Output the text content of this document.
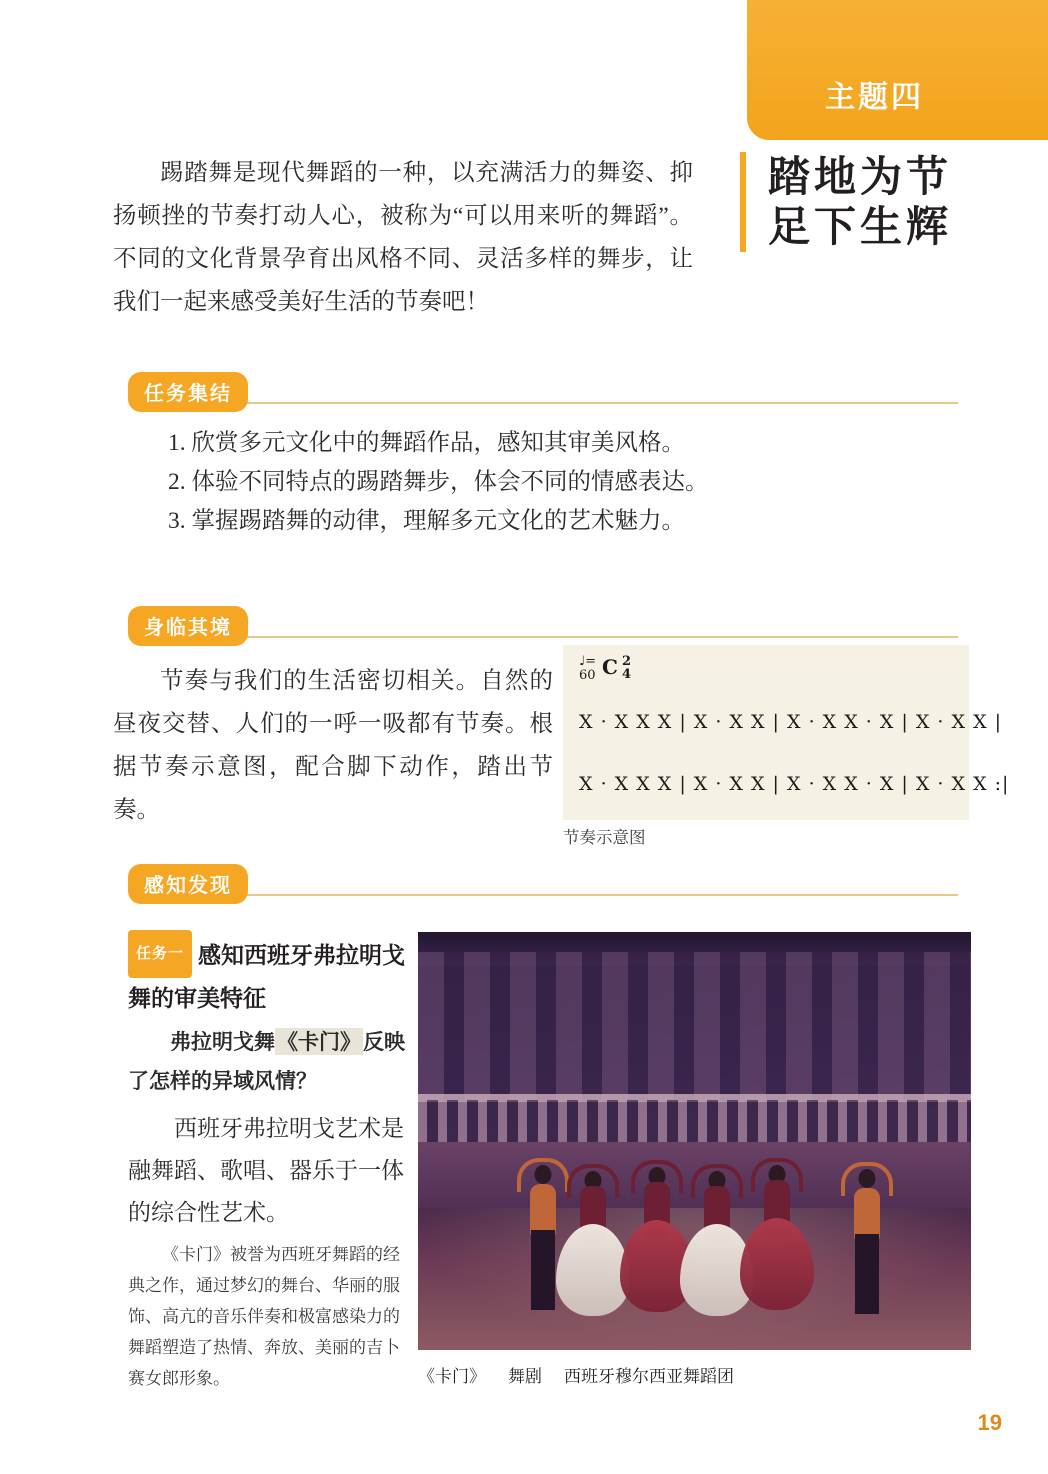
主题四
踏地为节
足下生辉
踢踏舞是现代舞蹈的一种，以充满活力的舞姿、抑扬顿挫的节奏打动人心，被称为“可以用来听的舞蹈”。不同的文化背景孕育出风格不同、灵活多样的舞步，让我们一起来感受美好生活的节奏吧！
任务集结
1. 欣赏多元文化中的舞蹈作品，感知其审美风格。
2. 体验不同特点的踢踏舞步，体会不同的情感表达。
3. 掌握踢踏舞的动律，理解多元文化的艺术魅力。
身临其境
节奏与我们的生活密切相关。自然的昼夜交替、人们的一呼一吸都有节奏。根据节奏示意图，配合脚下动作，踏出节奏。
♩=
60 C 2
4
X · X X X | X · X X | X · X X · X | X · X X |
X · X X X | X · X X | X · X X · X | X · X X :|
节奏示意图
感知发现
任务一 感知西班牙弗拉明戈舞的审美特征
弗拉明戈舞《卡门》反映了怎样的异域风情？
西班牙弗拉明戈艺术是融舞蹈、歌唱、器乐于一体的综合性艺术。
《卡门》被誉为西班牙舞蹈的经典之作，通过梦幻的舞台、华丽的服饰、高亢的音乐伴奏和极富感染力的舞蹈塑造了热情、奔放、美丽的吉卜赛女郎形象。	《卡门》 舞剧 西班牙穆尔西亚舞蹈团
19
